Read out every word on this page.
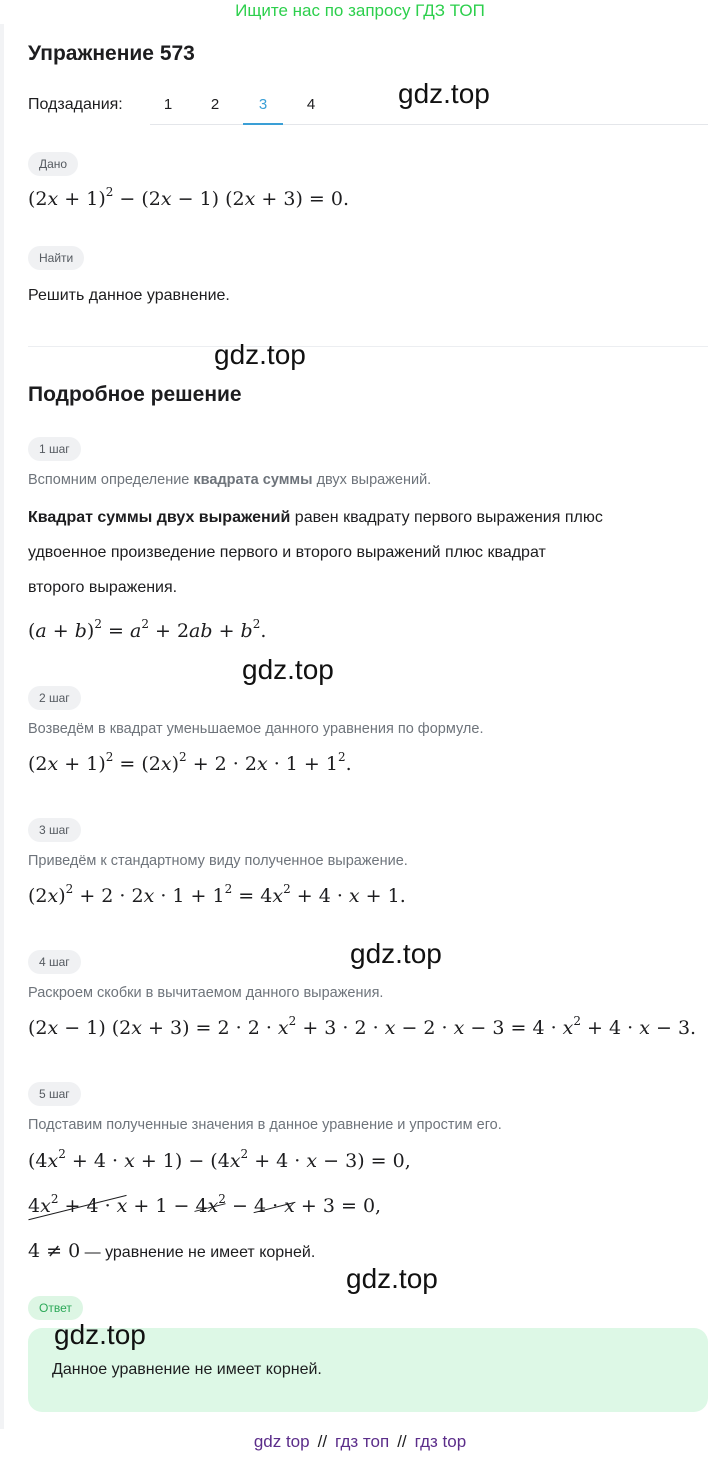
Ищите нас по запросу ГДЗ ТОП
Упражнение 573
Подзадания:	1	2	3	4	gdz.top
Дано
$(2x + 1)^2 - (2x - 1)$ (2x + 3) = 0.
Найти
Решить данное уравнение.
gdz.top
Подробное решение
1 шаг
Вспомним определение квадрата суммы двух выражений.
Квадрат суммы двух выражений равен квадрату первого выражения плюс
удвоенное произведение первого и второго выражений плюс квадрат
второго выражения.
$(a + b)^2 = a^2 + 2ab + b^2$.
gdz.top
2 шаг
Возведём в квадрат уменьшаемое данного уравнения по формуле.
$(2x + 1)^2 = (2x)^2 + 2 \cdot 2x \cdot 1 + 1^2$.
3 шаг
Приведём к стандартному виду полученное выражение.
$(2x)^2 + 2 \cdot 2x \cdot 1 + 1^2 = 4x^2 + 4 \cdot x + 1$.
gdz.top
4 шаг
Раскроем скобки в вычитаемом данного выражения.
(2x − 1) $(2x + 3) = 2 \cdot 2 \cdot x^2 + 3 \cdot 2 \cdot x - 2 \cdot x - 3 = 4 \cdot x^2 + 4 \cdot x - 3$.
5 шаг
Подставим полученные значения в данное уравнение и упростим его.
$(4x^2 + 4 \cdot x + 1) - (4x^2 + 4 \cdot x - 3) = 0$,
$4x^2 + 4 \cdot x + 1 - 4x^2 - 4 \cdot x + 3 = 0$,
4 ≠ 0 — уравнение не имеет корней.
gdz.top
Ответ
gdz.top
Данное уравнение не имеет корней.
gdz top // гдз топ // гдз top
